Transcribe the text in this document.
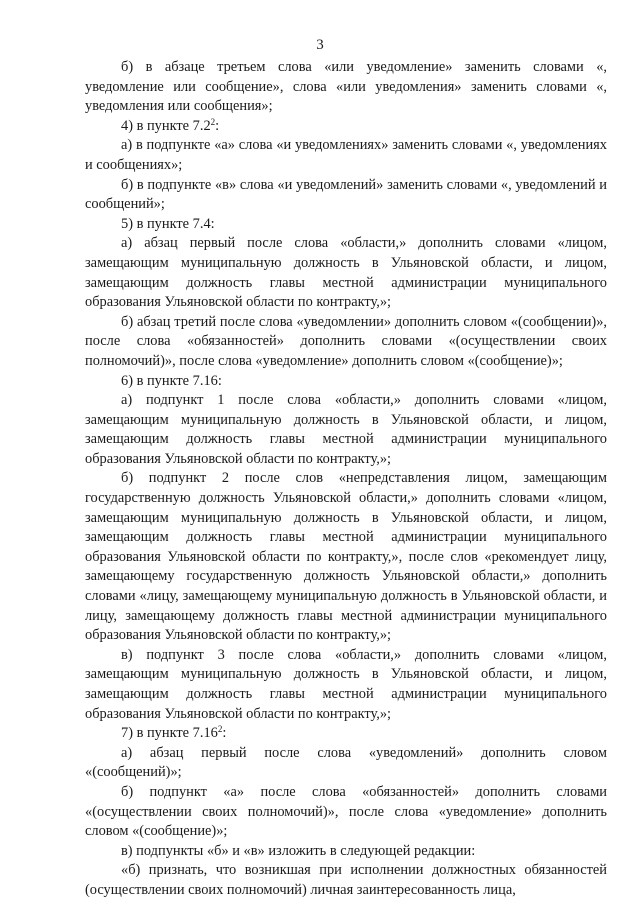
3

б) в абзаце третьем слова «или уведомление» заменить словами «, уведомление или сообщение», слова «или уведомления» заменить словами «, уведомления или сообщения»;

4) в пункте $7.2^2$:

а) в подпункте «а» слова «и уведомлениях» заменить словами «, уведомлениях и сообщениях»;

б) в подпункте «в» слова «и уведомлений» заменить словами «, уведомлений и сообщений»;

5) в пункте 7.4:

а) абзац первый после слова «области,» дополнить словами «лицом, замещающим муниципальную должность в Ульяновской области, и лицом, замещающим должность главы местной администрации муниципального образования Ульяновской области по контракту,»;

б) абзац третий после слова «уведомлении» дополнить словом «(сообщении)», после слова «обязанностей» дополнить словами «(осуществлении своих полномочий)», после слова «уведомление» дополнить словом «(сообщение)»;

6) в пункте 7.16:

а) подпункт 1 после слова «области,» дополнить словами «лицом, замещающим муниципальную должность в Ульяновской области, и лицом, замещающим должность главы местной администрации муниципального образования Ульяновской области по контракту,»;

б) подпункт 2 после слов «непредставления лицом, замещающим государственную должность Ульяновской области,» дополнить словами «лицом, замещающим муниципальную должность в Ульяновской области, и лицом, замещающим должность главы местной администрации муниципального образования Ульяновской области по контракту,», после слов «рекомендует лицу, замещающему государственную должность Ульяновской области,» дополнить словами «лицу, замещающему муниципальную должность в Ульяновской области, и лицу, замещающему должность главы местной администрации муниципального образования Ульяновской области по контракту,»;

в) подпункт 3 после слова «области,» дополнить словами «лицом, замещающим муниципальную должность в Ульяновской области, и лицом, замещающим должность главы местной администрации муниципального образования Ульяновской области по контракту,»;

7) в пункте 7.16$^2$:

а) абзац первый после слова «уведомлений» дополнить словом «(сообщений)»;

б) подпункт «а» после слова «обязанностей» дополнить словами «(осуществлении своих полномочий)», после слова «уведомление» дополнить словом «(сообщение)»;

в) подпункты «б» и «в» изложить в следующей редакции:

«б) признать, что возникшая при исполнении должностных обязанностей (осуществлении своих полномочий) личная заинтересованность лица,
